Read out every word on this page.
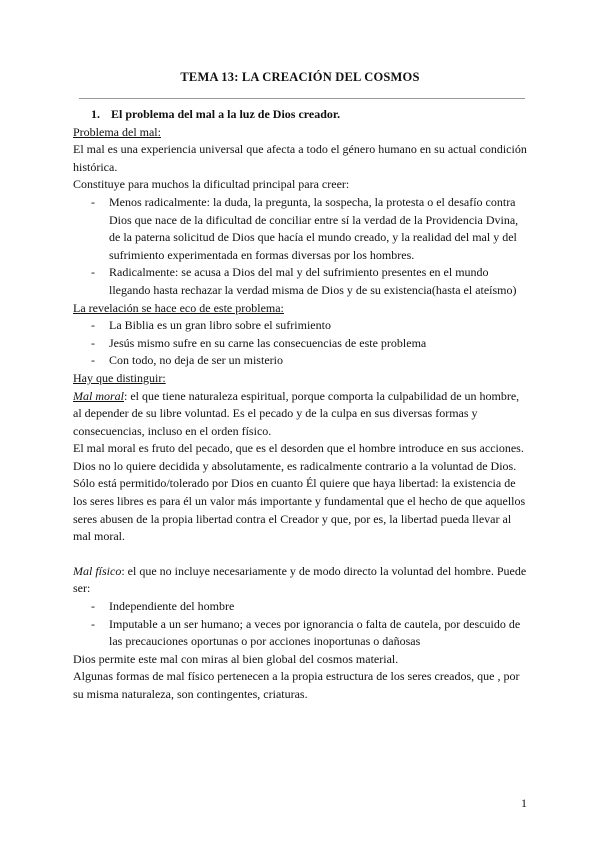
TEMA 13: LA CREACIÓN DEL COSMOS

1. El problema del mal a la luz de Dios creador.

Problema del mal:

El mal es una experiencia universal que afecta a todo el género humano en su actual condición histórica.

Constituye para muchos la dificultad principal para creer:

- Menos radicalmente: la duda, la pregunta, la sospecha, la protesta o el desafío contra Dios que nace de la dificultad de conciliar entre sí la verdad de la Providencia Dvina, de la paterna solicitud de Dios que hacía el mundo creado, y la realidad del mal y del sufrimiento experimentada en formas diversas por los hombres.
- Radicalmente: se acusa a Dios del mal y del sufrimiento presentes en el mundo llegando hasta rechazar la verdad misma de Dios y de su existencia(hasta el ateísmo)

La revelación se hace eco de este problema:

- La Biblia es un gran libro sobre el sufrimiento
- Jesús mismo sufre en su carne las consecuencias de este problema
- Con todo, no deja de ser un misterio

Hay que distinguir:

Mal moral: el que tiene naturaleza espiritual, porque comporta la culpabilidad de un hombre, al depender de su libre voluntad. Es el pecado y de la culpa en sus diversas formas y consecuencias, incluso en el orden físico.

El mal moral es fruto del pecado, que es el desorden que el hombre introduce en sus acciones. Dios no lo quiere decidida y absolutamente, es radicalmente contrario a la voluntad de Dios.

Sólo está permitido/tolerado por Dios en cuanto Él quiere que haya libertad: la existencia de los seres libres es para él un valor más importante y fundamental que el hecho de que aquellos seres abusen de la propia libertad contra el Creador y que, por es, la libertad pueda llevar al mal moral.

Mal físico: el que no incluye necesariamente y de modo directo la voluntad del hombre. Puede ser:

- Independiente del hombre
- Imputable a un ser humano; a veces por ignorancia o falta de cautela, por descuido de las precauciones oportunas o por acciones inoportunas o dañosas

Dios permite este mal con miras al bien global del cosmos material.

Algunas formas de mal físico pertenecen a la propia estructura de los seres creados, que , por su misma naturaleza, son contingentes, criaturas.

1
